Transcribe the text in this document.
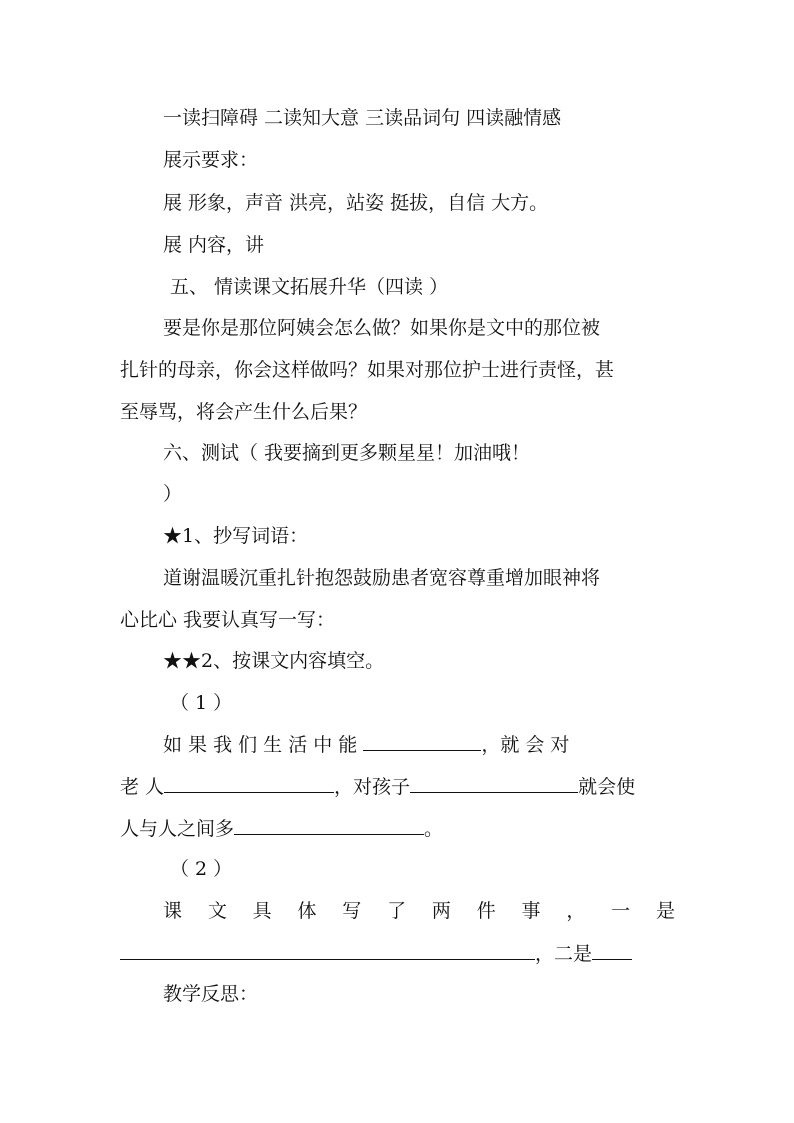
一读扫障碍 二读知大意 三读品词句 四读融情感
展示要求：
展 形象，声音 洪亮，站姿 挺拔，自信 大方。
展 内容，讲
五、 情读课文拓展升华（四读 ）
要是你是那位阿姨会怎么做？如果你是文中的那位被
扎针的母亲，你会这样做吗？如果对那位护士进行责怪，甚
至辱骂，将会产生什么后果？
六、测试（ 我要摘到更多颗星星！加油哦！
）
★1、抄写词语：
道谢温暖沉重扎针抱怨鼓励患者宽容尊重增加眼神将
心比心 我要认真写一写：
★★2、按课文内容填空。
（ 1 ）
如 果 我 们 生 活 中 能	，就 会 对
老 人	，对孩子	就会使
人与人之间多	。
（ 2 ）
课 文 具 体 写 了 两 件 事 ， 一 是
，二是
教学反思：
